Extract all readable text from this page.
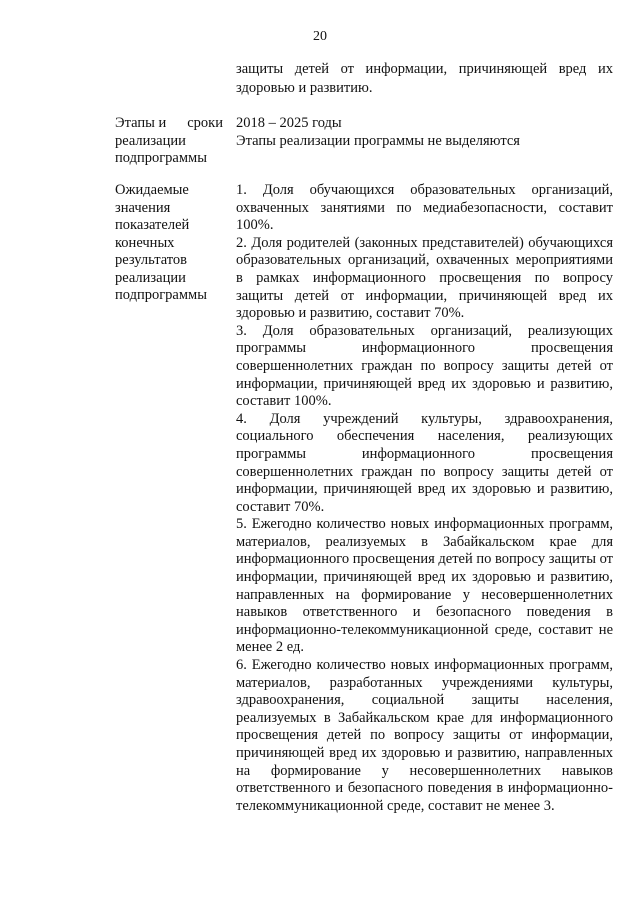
20
защиты детей от информации, причиняющей вред их здоровью и развитию.
Этапы и сроки
реализации подпрограммы

2018 – 2025 годы

Этапы реализации программы не выделяются

Ожидаемые значения показателей конечных результатов реализации подпрограммы

1. Доля обучающихся образовательных организаций, охваченных занятиями по медиабезопасности, составит 100%.

2. Доля родителей (законных представителей) обучающихся образовательных организаций, охваченных мероприятиями в рамках информационного просвещения по вопросу защиты детей от информации, причиняющей вред их здоровью и развитию, составит 70%.

3. Доля образовательных организаций, реализующих программы информационного просвещения совершеннолетних граждан по вопросу защиты детей от информации, причиняющей вред их здоровью и развитию, составит 100%.

4. Доля учреждений культуры, здравоохранения, социального обеспечения населения, реализующих программы информационного просвещения совершеннолетних граждан по вопросу защиты детей от информации, причиняющей вред их здоровью и развитию, составит 70%.

5. Ежегодно количество новых информационных программ, материалов, реализуемых в Забайкальском крае для информационного просвещения детей по вопросу защиты от информации, причиняющей вред их здоровью и развитию, направленных на формирование у несовершеннолетних навыков ответственного и безопасного поведения в информационно-телекоммуникационной среде, составит не менее 2 ед.

6. Ежегодно количество новых информационных программ, материалов, разработанных учреждениями культуры, здравоохранения, социальной защиты населения, реализуемых в Забайкальском крае для информационного просвещения детей по вопросу защиты от информации, причиняющей вред их здоровью и развитию, направленных на формирование у несовершеннолетних навыков ответственного и безопасного поведения в информационно-телекоммуникационной среде, составит не менее 3.
